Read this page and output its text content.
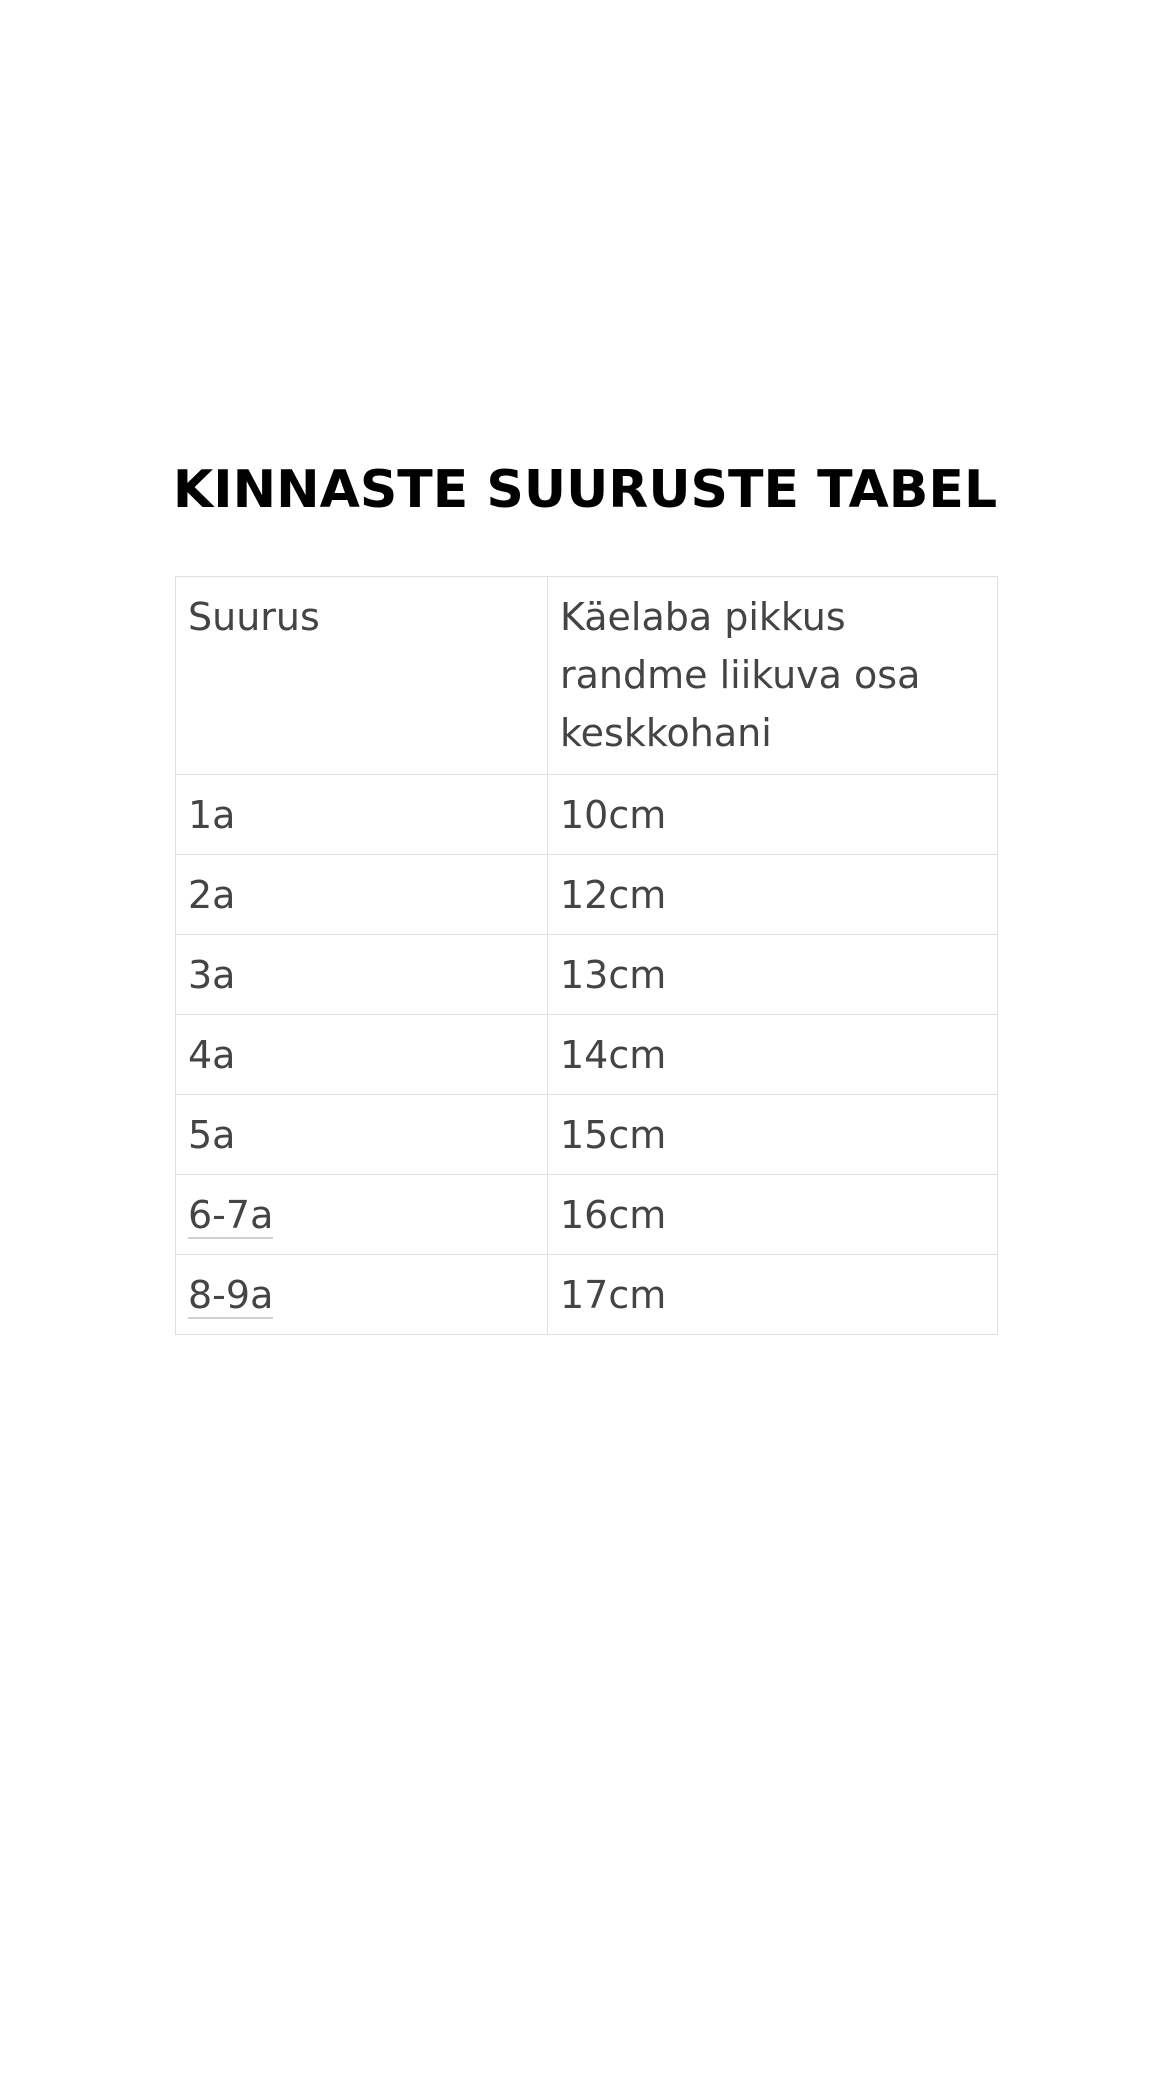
KINNASTE SUURUSTE TABEL
Suurus	Käelaba pikkus randme liikuva osa keskkohani
1a	10cm
2a	12cm
3a	13cm
4a	14cm
5a	15cm
6-7a	16cm
8-9a	17cm
